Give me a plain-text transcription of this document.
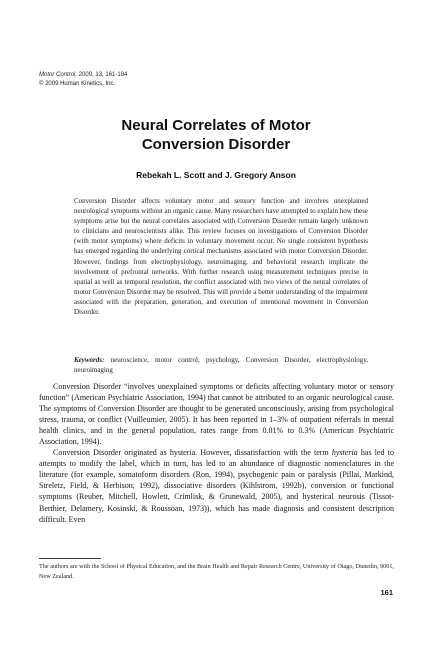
Motor Control, 2009, 13, 161-184
© 2009 Human Kinetics, Inc.
Neural Correlates of Motor
Conversion Disorder
Rebekah L. Scott and J. Gregory Anson
Conversion Disorder affects voluntary motor and sensory function and involves unexplained neurological symptoms without an organic cause. Many researchers have attempted to explain how these symptoms arise but the neural correlates associated with Conversion Disorder remain largely unknown to clinicians and neuroscientists alike. This review focuses on investigations of Conversion Disorder (with motor symptoms) where deficits in voluntary movement occur. No single consistent hypothesis has emerged regarding the underlying cortical mechanisms associated with motor Conversion Disorder. However, findings from electrophysiology, neuroimaging, and behavioral research implicate the involvement of prefrontal networks. With further research using measurement techniques precise in spatial as well as temporal resolution, the conflict associated with two views of the neural correlates of motor Conversion Disorder may be resolved. This will provide a better understanding of the impairment associated with the preparation, generation, and execution of intentional movement in Conversion Disorder.
Keywords: neuroscience, motor control, psychology, Conversion Disorder, electrophysiology, neuroimaging

Conversion Disorder “involves unexplained symptoms or deficits affecting voluntary motor or sensory function” (American Psychiatric Association, 1994) that cannot be attributed to an organic neurological cause. The symptoms of Conversion Disorder are thought to be generated unconsciously, arising from psychological stress, trauma, or conflict (Vuilleumier, 2005). It has been reported in 1–3% of outpatient referrals in mental health clinics, and in the general population, rates range from 0.01% to 0.3% (American Psychiatric Association, 1994).

Conversion Disorder originated as hysteria. However, dissatisfaction with the term hysteria has led to attempts to modify the label, which in turn, has led to an abundance of diagnostic nomenclatures in the literature (for example, somatoform disorders (Ron, 1994), psychogenic pain or paralysis (Pillai, Markind, Streletz, Field, & Herbison, 1992), dissociative disorders (Kihlstrom, 1992b), conversion or functional symptoms (Reuber, Mitchell, Howlett, Crimlisk, & Grunewald, 2005), and hysterical neurosis (Tissot-Berthier, Delamery, Kosinski, & Roussoan, 1973)), which has made diagnosis and consistent description difficult. Even

The authors are with the School of Physical Education, and the Brain Health and Repair Research Centre, University of Otago, Dunedin, 9001, New Zealand.
161
